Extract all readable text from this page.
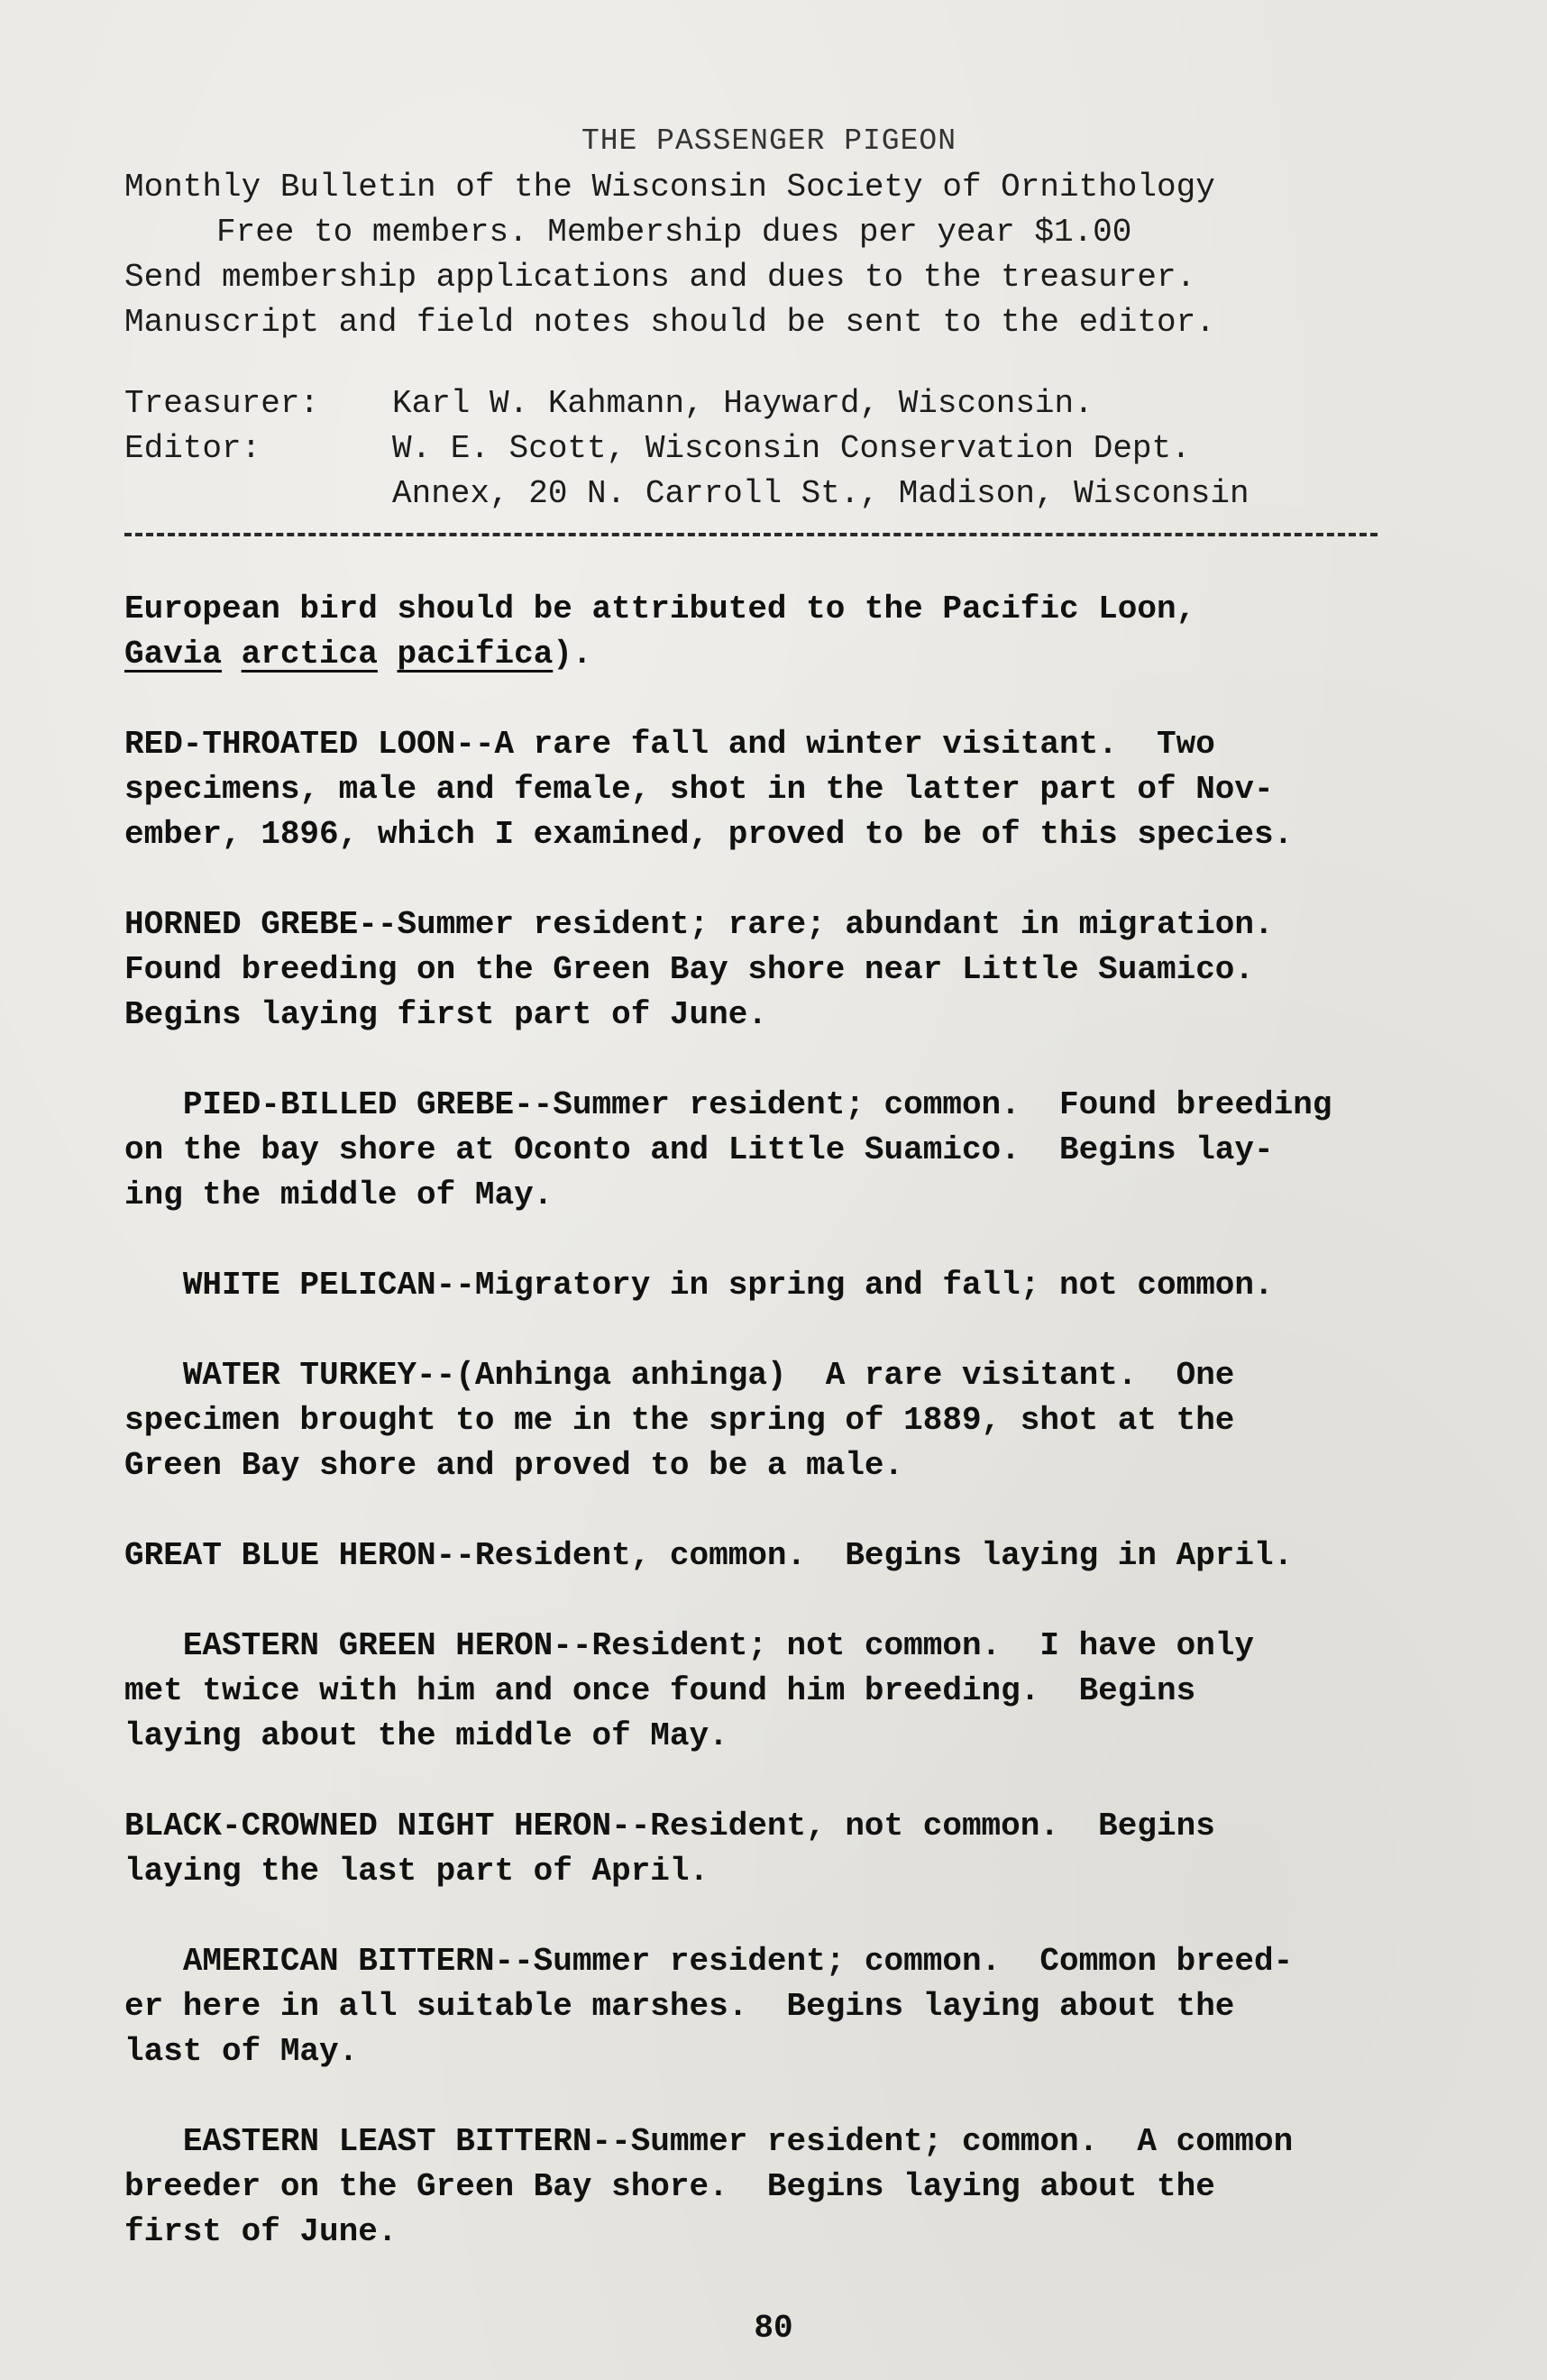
THE PASSENGER PIGEON
Monthly Bulletin of the Wisconsin Society of Ornithology
Free to members. Membership dues per year $1.00
Send membership applications and dues to the treasurer.
Manuscript and field notes should be sent to the editor.
Treasurer:	Karl W. Kahmann, Hayward, Wisconsin.
Editor:	W. E. Scott, Wisconsin Conservation Dept.
Annex, 20 N. Carroll St., Madison, Wisconsin

European bird should be attributed to the Pacific Loon,
Gavia arctica pacifica).

RED-THROATED LOON--A rare fall and winter visitant.  Two
specimens, male and female, shot in the latter part of Nov-
ember, 1896, which I examined, proved to be of this species.

HORNED GREBE--Summer resident; rare; abundant in migration.
Found breeding on the Green Bay shore near Little Suamico.
Begins laying first part of June.

PIED-BILLED GREBE--Summer resident; common.  Found breeding
on the bay shore at Oconto and Little Suamico.  Begins lay-
ing the middle of May.

WHITE PELICAN--Migratory in spring and fall; not common.

WATER TURKEY--(Anhinga anhinga)  A rare visitant.  One
specimen brought to me in the spring of 1889, shot at the
Green Bay shore and proved to be a male.

GREAT BLUE HERON--Resident, common.  Begins laying in April.

EASTERN GREEN HERON--Resident; not common.  I have only
met twice with him and once found him breeding.  Begins
laying about the middle of May.

BLACK-CROWNED NIGHT HERON--Resident, not common.  Begins
laying the last part of April.

AMERICAN BITTERN--Summer resident; common.  Common breed-
er here in all suitable marshes.  Begins laying about the
last of May.

EASTERN LEAST BITTERN--Summer resident; common.  A common
breeder on the Green Bay shore.  Begins laying about the
first of June.

80
